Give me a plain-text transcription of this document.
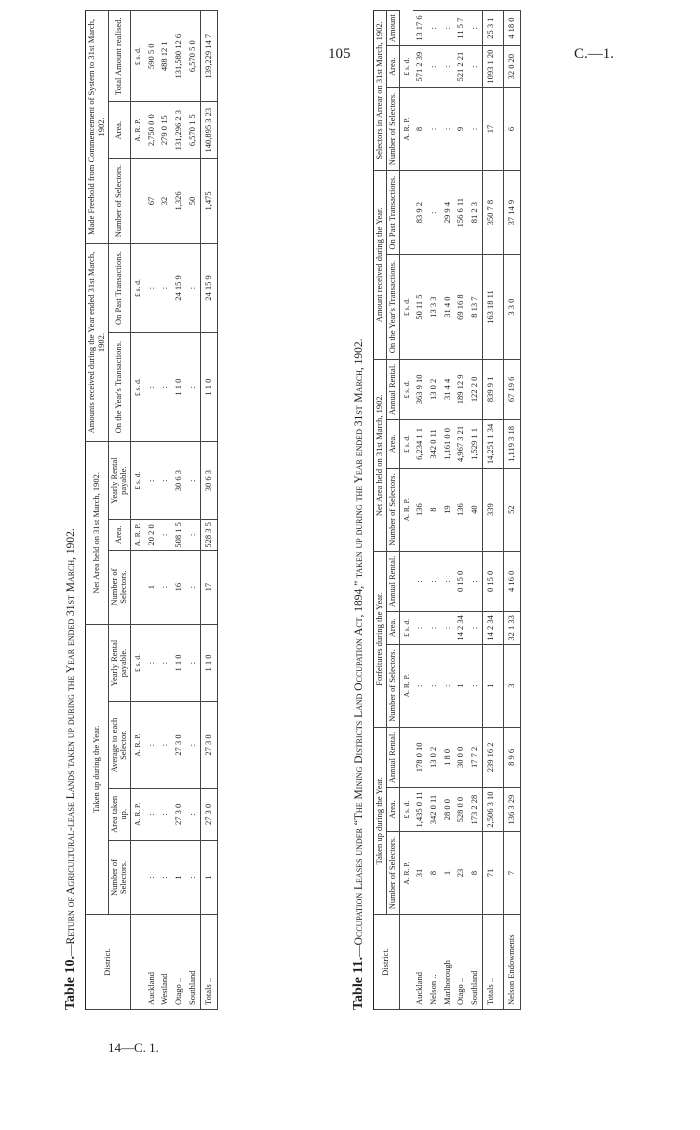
105	C.—1.
14—C. 1.
Table 10.—Return of Agricultural-lease Lands taken up during the Year ended 31st March, 1902.
District.	Taken up during the Year.				Net Area held on 31st March, 1902.			Amounts received during the Year ended 31st March, 1902.		Made Freehold from Commencement of System to 31st March, 1902.		
	Number of Selectors.	Area taken up.	Average to each Selector.	Yearly Rental payable.	Number of Selectors.	Area.	Yearly Rental payable.	On the Year's Transactions.	On Past Transactions.	Number of Selectors.	Area.	Total Amount realised.
		A. R. P.	A. R. P.	£ s. d.		A. R. P.	£ s. d.	£ s. d.	£ s. d.		A. R. P.	£ s. d.
Auckland	:	:	:	:	1	20 2 0	:	:	:	67	2,750 0 0	590 5 0
Westland	:	:	:	:	:	:	:	:	:	32	279 0 15	488 12 1
Otago ..	1	27 3 0	27 3 0	1 1 0	16	508 1 5	30 6 3	1 1 0	24 15 9	1,326	131,296 2 3	131,580 12 6
Southland	:	:	:	:	:	:	:	:	:	50	6,570 1 5	6,570 5 0
Totals ..	1	27 3 0	27 3 0	1 1 0	17	528 3 5	30 6 3	1 1 0	24 15 9	1,475	140,895 3 23	139,229 14 7
Table 11.—Occupation Leases under “The Mining Districts Land Occupation Act, 1894,” taken up during the Year ended 31st March, 1902.
District.	Taken up during the Year.			Forfeitures during the Year.			Net Area held on 31st March, 1902.			Amount received during the Year.		Selectors in Arrear on 31st March, 1902.		
	Number of Selectors.	Area.	Annual Rental.	Number of Selectors.	Area.	Annual Rental.	Number of Selectors.	Area.	Annual Rental.	On the Year's Transactions.	On Past Transactions.	Number of Selectors.	Area.	Amount
	A. R. P.	£ s. d.		A. R. P.	£ s. d.		A. R. P.	£ s. d.	£ s. d.	£ s. d.		A. R. P.	£ s. d.	
Auckland	31	1,435 0 11	178 0 10	:	:	:	136	6,234 1 1	363 9 10	50 11 5	83 9 2	8	571 2 39	13 17 6
Nelson ..	8	342 0 11	13 0 2	:	:	:	8	342 0 11	13 0 2	13 3 3	:	:	:	:
Marlborough	1	28 0 0	1 8 0	:	:	:	19	1,161 0 0	31 4 4	31 4 0	29 9 4	:	:	:
Otago ..	23	528 0 0	30 0 0	1	14 2 34	0 15 0	136	4,967 3 21	189 12 9	69 16 8	156 6 11	9	521 2 21	11 5 7
Southland	8	173 2 28	17 7 2	:	:	:	40	1,529 1 1	122 2 0	8 13 7	81 2 3	:	:	:
Totals ..	71	2,506 3 10	239 16 2	1	14 2 34	0 15 0	339	14,251 1 34	839 9 1	163 18 11	350 7 8	17	1093 1 20	25 3 1

Nelson Endowments	7	136 3 29	8 9 6	3	32 1 33	4 16 0	52	1,119 3 18	67 19 6	3 3 0	37 14 9	6	32 0 20	4 18 0
